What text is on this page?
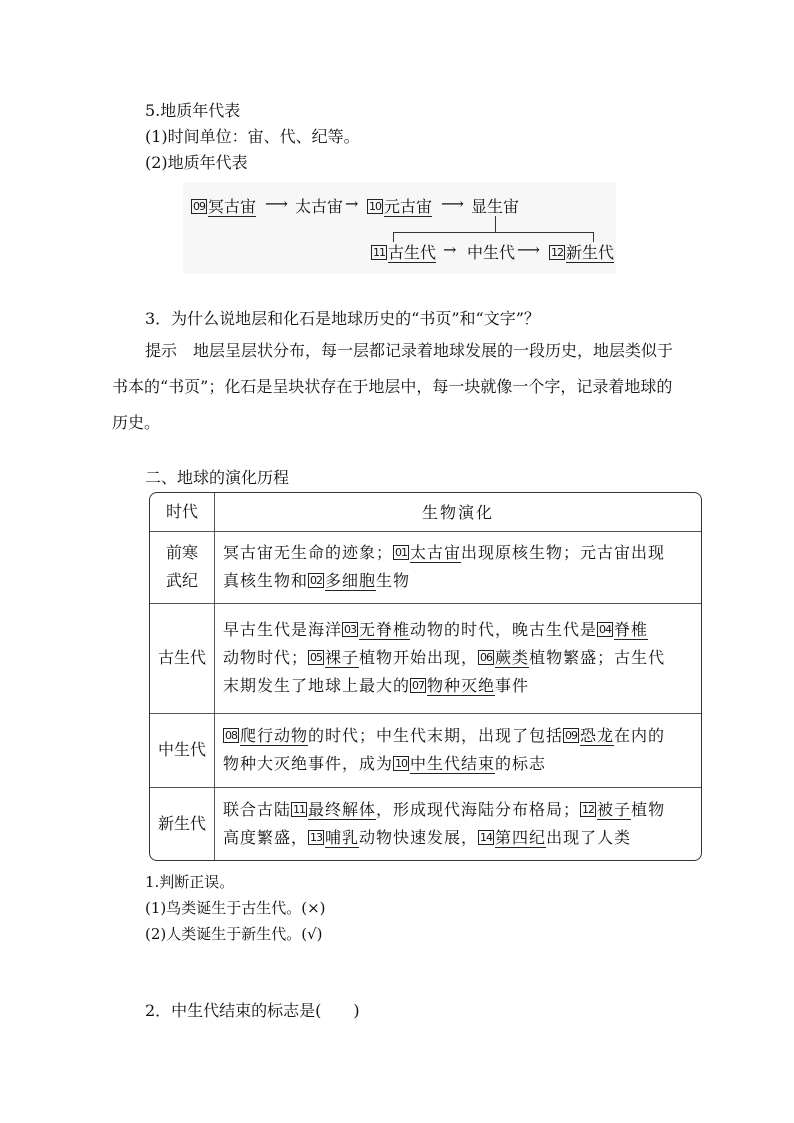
5.地质年代表
(1)时间单位：宙、代、纪等。
(2)地质年代表
09 冥古宙 ⟶ 太古宙 → 10 元古宙 ⟶ 显生宙
11 古生代 → 中生代 ⟶ 12 新生代
3．为什么说地层和化石是地球历史的“书页”和“文字”？
提示　地层呈层状分布，每一层都记录着地球发展的一段历史，地层类似于
书本的“书页”；化石是呈块状存在于地层中，每一块就像一个字，记录着地球的
历史。
二、地球的演化历程
时代	生物演化
前寒
武纪	冥古宙无生命的迹象； 01 太古宙出现原核生物；元古宙出现
真核生物和 02 多细胞生物
古生代	早古生代是海洋 03 无脊椎动物的时代，晚古生代是 04 脊椎
动物时代； 05 裸子植物开始出现， 06 蕨类植物繁盛；古生代
末期发生了地球上最大的 07 物种灭绝事件
中生代	08 爬行动物的时代；中生代末期，出现了包括 09 恐龙在内的
物种大灭绝事件，成为 10 中生代结束的标志
新生代	联合古陆 11 最终解体，形成现代海陆分布格局； 12 被子植物
高度繁盛， 13 哺乳动物快速发展， 14 第四纪出现了人类
1.判断正误。
(1)鸟类诞生于古生代。(×)
(2)人类诞生于新生代。(√)
2．中生代结束的标志是(　　)
